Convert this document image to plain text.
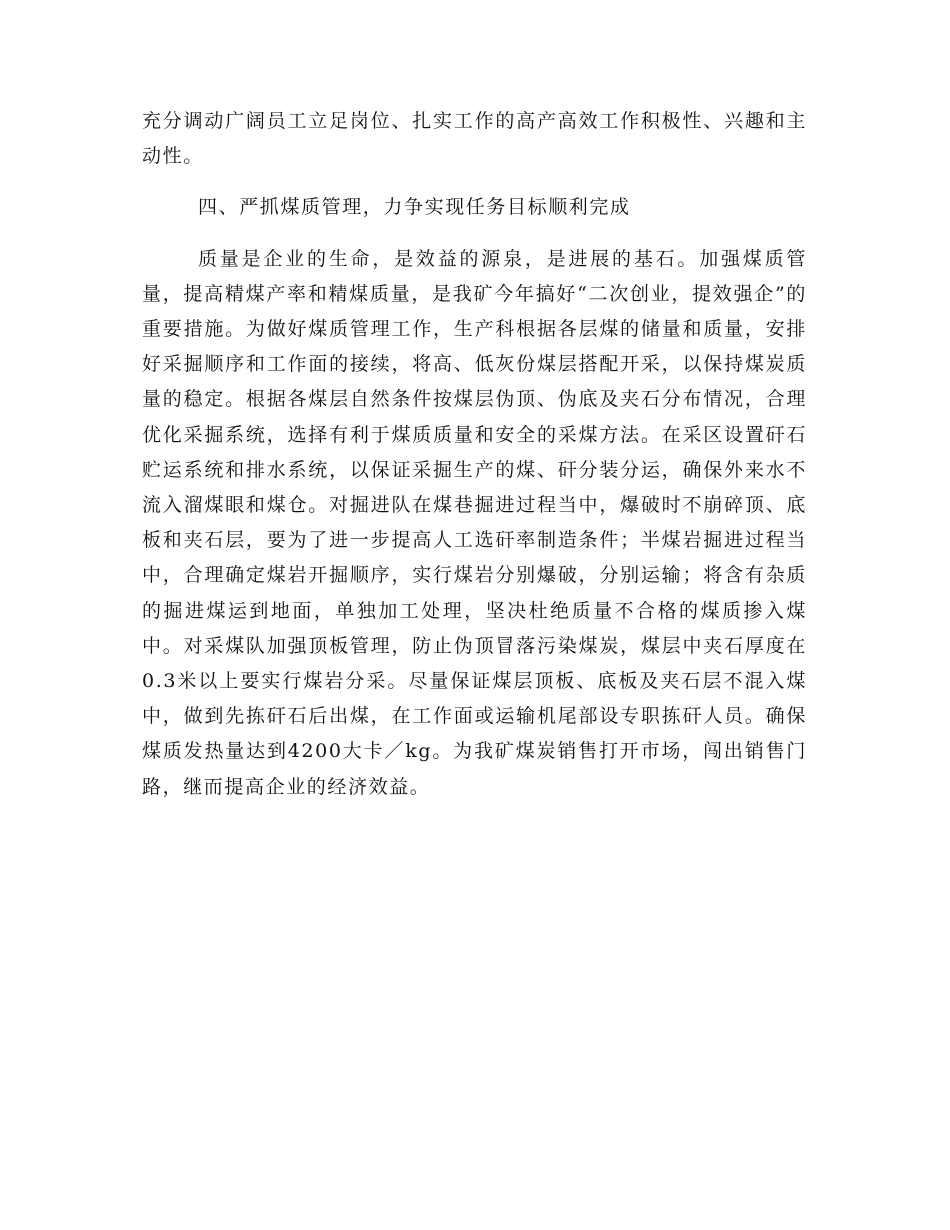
充分调动广阔员工立足岗位、扎实工作的高产高效工作积极性、兴趣和主动性。

四、严抓煤质管理，力争实现任务目标顺利完成

质量是企业的生命，是效益的源泉，是进展的基石。加强煤质管量，提高精煤产率和精煤质量，是我矿今年搞好“二次创业，提效强企”的重要措施。为做好煤质管理工作，生产科根据各层煤的储量和质量，安排好采掘顺序和工作面的接续，将高、低灰份煤层搭配开采，以保持煤炭质量的稳定。根据各煤层自然条件按煤层伪顶、伪底及夹石分布情况，合理优化采掘系统，选择有利于煤质质量和安全的采煤方法。在采区设置矸石贮运系统和排水系统，以保证采掘生产的煤、矸分装分运，确保外来水不流入溜煤眼和煤仓。对掘进队在煤巷掘进过程当中，爆破时不崩碎顶、底板和夹石层，要为了进一步提高人工选矸率制造条件；半煤岩掘进过程当中，合理确定煤岩开掘顺序，实行煤岩分别爆破，分别运输；将含有杂质的掘进煤运到地面，单独加工处理，坚决杜绝质量不合格的煤质掺入煤中。对采煤队加强顶板管理，防止伪顶冒落污染煤炭，煤层中夹石厚度在0.3米以上要实行煤岩分采。尽量保证煤层顶板、底板及夹石层不混入煤中，做到先拣矸石后出煤，在工作面或运输机尾部设专职拣矸人员。确保煤质发热量达到4200大卡／kg。为我矿煤炭销售打开市场，闯出销售门路，继而提高企业的经济效益。
